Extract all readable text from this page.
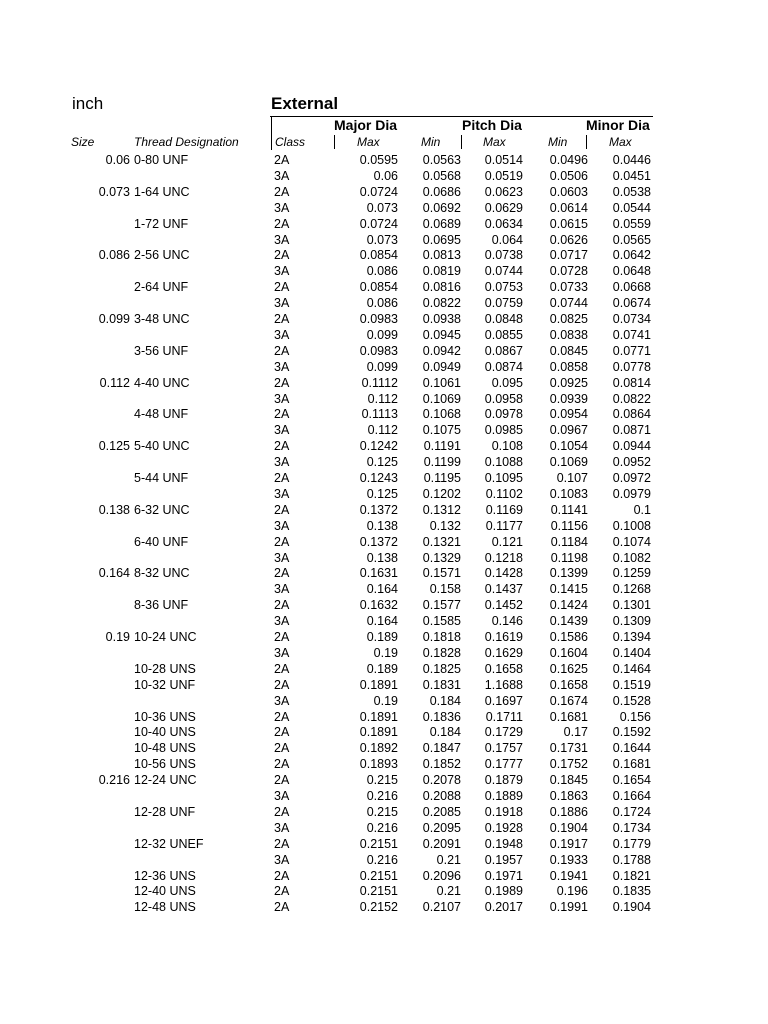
inch	External
Major Dia	Pitch Dia	Minor Dia
Size	Thread Designation	Class	Max	Min	Max	Min	Max
0.06 0-80 UNF	2A	0.0595 0.0563 0.0514 0.0496 0.0446
3A	0.06 0.0568 0.0519 0.0506 0.0451
0.073 1-64 UNC	2A	0.0724 0.0686 0.0623 0.0603 0.0538
3A	0.073 0.0692 0.0629 0.0614 0.0544
1-72 UNF	2A	0.0724 0.0689 0.0634 0.0615 0.0559
3A	0.073 0.0695 0.064 0.0626 0.0565
0.086 2-56 UNC	2A	0.0854 0.0813 0.0738 0.0717 0.0642
3A	0.086 0.0819 0.0744 0.0728 0.0648
2-64 UNF	2A	0.0854 0.0816 0.0753 0.0733 0.0668
3A	0.086 0.0822 0.0759 0.0744 0.0674
0.099 3-48 UNC	2A	0.0983 0.0938 0.0848 0.0825 0.0734
3A	0.099 0.0945 0.0855 0.0838 0.0741
3-56 UNF	2A	0.0983 0.0942 0.0867 0.0845 0.0771
3A	0.099 0.0949 0.0874 0.0858 0.0778
0.112 4-40 UNC	2A	0.1112 0.1061 0.095 0.0925 0.0814
3A	0.112 0.1069 0.0958 0.0939 0.0822
4-48 UNF	2A	0.1113 0.1068 0.0978 0.0954 0.0864
3A	0.112 0.1075 0.0985 0.0967 0.0871
0.125 5-40 UNC	2A	0.1242 0.1191 0.108 0.1054 0.0944
3A	0.125 0.1199 0.1088 0.1069 0.0952
5-44 UNF	2A	0.1243 0.1195 0.1095	0.107 0.0972
3A	0.125 0.1202 0.1102 0.1083 0.0979
0.138 6-32 UNC	2A	0.1372 0.1312 0.1169 0.1141	0.1
3A	0.138	0.132 0.1177 0.1156 0.1008
6-40 UNF	2A	0.1372 0.1321 0.121 0.1184 0.1074
3A	0.138 0.1329 0.1218 0.1198 0.1082
0.164 8-32 UNC	2A	0.1631 0.1571 0.1428 0.1399 0.1259
3A	0.164	0.158 0.1437 0.1415 0.1268
8-36 UNF	2A	0.1632 0.1577 0.1452 0.1424 0.1301
3A	0.164 0.1585 0.146 0.1439 0.1309
0.19 10-24 UNC	2A	0.189 0.1818 0.1619 0.1586 0.1394
3A	0.19 0.1828 0.1629 0.1604 0.1404
10-28 UNS	2A	0.189 0.1825 0.1658 0.1625 0.1464
10-32 UNF	2A	0.1891 0.1831 1.1688 0.1658 0.1519
3A	0.19	0.184 0.1697 0.1674 0.1528
10-36 UNS	2A	0.1891 0.1836 0.1711 0.1681	0.156
10-40 UNS	2A	0.1891	0.184 0.1729	0.17 0.1592
10-48 UNS	2A	0.1892 0.1847 0.1757 0.1731 0.1644
10-56 UNS	2A	0.1893 0.1852 0.1777 0.1752 0.1681
0.216 12-24 UNC	2A	0.215 0.2078 0.1879 0.1845 0.1654
3A	0.216 0.2088 0.1889 0.1863 0.1664
12-28 UNF	2A	0.215 0.2085 0.1918 0.1886 0.1724
3A	0.216 0.2095 0.1928 0.1904 0.1734
12-32 UNEF	2A	0.2151 0.2091 0.1948 0.1917 0.1779
3A	0.216	0.21 0.1957 0.1933 0.1788
12-36 UNS	2A	0.2151 0.2096 0.1971 0.1941 0.1821
12-40 UNS	2A	0.2151	0.21 0.1989	0.196 0.1835
12-48 UNS	2A	0.2152 0.2107 0.2017 0.1991 0.1904
